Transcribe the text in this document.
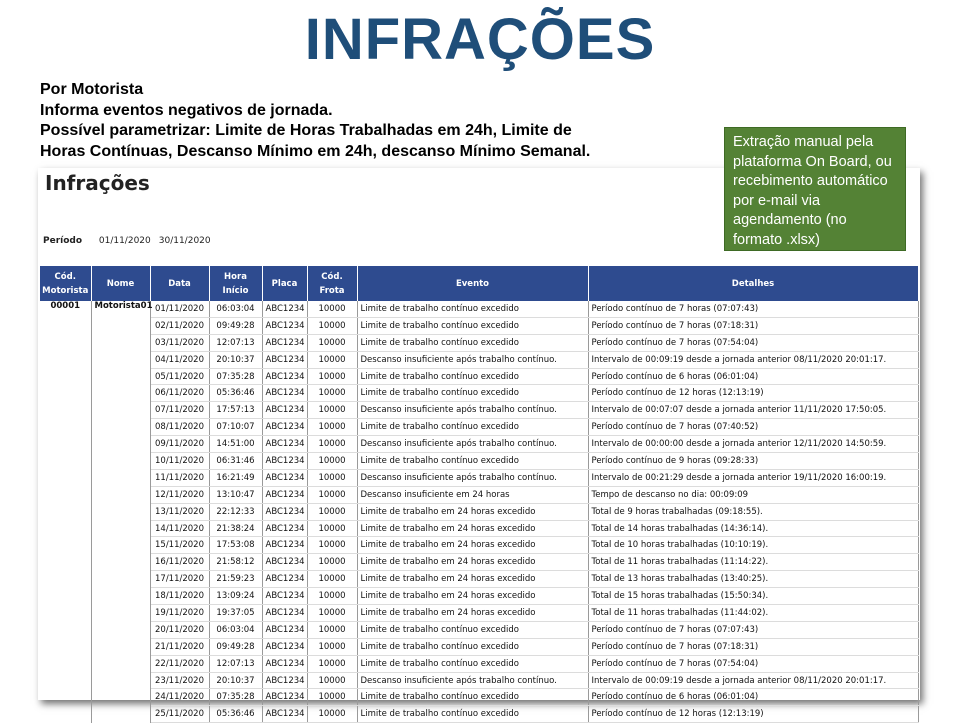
INFRAÇÕES
Por Motorista
Informa eventos negativos de jornada.
Possível parametrizar: Limite de Horas Trabalhadas em 24h, Limite de
Horas Contínuas, Descanso Mínimo em 24h, descanso Mínimo Semanal.
Extração manual pela plataforma On Board, ou recebimento automático por e-mail via agendamento (no formato .xlsx)
Infrações
Período 01/11/2020 30/11/2020
Cód. Motorista	Nome	Data	Hora Início	Placa	Cód. Frota	Evento	Detalhes
00001	Motorista01	01/11/2020	06:03:04	ABC1234	10000	Limite de trabalho contínuo excedido	Período contínuo de 7 horas (07:07:43)
		02/11/2020	09:49:28	ABC1234	10000	Limite de trabalho contínuo excedido	Período contínuo de 7 horas (07:18:31)
		03/11/2020	12:07:13	ABC1234	10000	Limite de trabalho contínuo excedido	Período contínuo de 7 horas (07:54:04)
		04/11/2020	20:10:37	ABC1234	10000	Descanso insuficiente após trabalho contínuo.	Intervalo de 00:09:19 desde a jornada anterior 08/11/2020 20:01:17.
		05/11/2020	07:35:28	ABC1234	10000	Limite de trabalho contínuo excedido	Período contínuo de 6 horas (06:01:04)
		06/11/2020	05:36:46	ABC1234	10000	Limite de trabalho contínuo excedido	Período contínuo de 12 horas (12:13:19)
		07/11/2020	17:57:13	ABC1234	10000	Descanso insuficiente após trabalho contínuo.	Intervalo de 00:07:07 desde a jornada anterior 11/11/2020 17:50:05.
		08/11/2020	07:10:07	ABC1234	10000	Limite de trabalho contínuo excedido	Período contínuo de 7 horas (07:40:52)
		09/11/2020	14:51:00	ABC1234	10000	Descanso insuficiente após trabalho contínuo.	Intervalo de 00:00:00 desde a jornada anterior 12/11/2020 14:50:59.
		10/11/2020	06:31:46	ABC1234	10000	Limite de trabalho contínuo excedido	Período contínuo de 9 horas (09:28:33)
		11/11/2020	16:21:49	ABC1234	10000	Descanso insuficiente após trabalho contínuo.	Intervalo de 00:21:29 desde a jornada anterior 19/11/2020 16:00:19.
		12/11/2020	13:10:47	ABC1234	10000	Descanso insuficiente em 24 horas	Tempo de descanso no dia: 00:09:09
		13/11/2020	22:12:33	ABC1234	10000	Limite de trabalho em 24 horas excedido	Total de 9 horas trabalhadas (09:18:55).
		14/11/2020	21:38:24	ABC1234	10000	Limite de trabalho em 24 horas excedido	Total de 14 horas trabalhadas (14:36:14).
		15/11/2020	17:53:08	ABC1234	10000	Limite de trabalho em 24 horas excedido	Total de 10 horas trabalhadas (10:10:19).
		16/11/2020	21:58:12	ABC1234	10000	Limite de trabalho em 24 horas excedido	Total de 11 horas trabalhadas (11:14:22).
		17/11/2020	21:59:23	ABC1234	10000	Limite de trabalho em 24 horas excedido	Total de 13 horas trabalhadas (13:40:25).
		18/11/2020	13:09:24	ABC1234	10000	Limite de trabalho em 24 horas excedido	Total de 15 horas trabalhadas (15:50:34).
		19/11/2020	19:37:05	ABC1234	10000	Limite de trabalho em 24 horas excedido	Total de 11 horas trabalhadas (11:44:02).
		20/11/2020	06:03:04	ABC1234	10000	Limite de trabalho contínuo excedido	Período contínuo de 7 horas (07:07:43)
		21/11/2020	09:49:28	ABC1234	10000	Limite de trabalho contínuo excedido	Período contínuo de 7 horas (07:18:31)
		22/11/2020	12:07:13	ABC1234	10000	Limite de trabalho contínuo excedido	Período contínuo de 7 horas (07:54:04)
		23/11/2020	20:10:37	ABC1234	10000	Descanso insuficiente após trabalho contínuo.	Intervalo de 00:09:19 desde a jornada anterior 08/11/2020 20:01:17.
		24/11/2020	07:35:28	ABC1234	10000	Limite de trabalho contínuo excedido	Período contínuo de 6 horas (06:01:04)
		25/11/2020	05:36:46	ABC1234	10000	Limite de trabalho contínuo excedido	Período contínuo de 12 horas (12:13:19)
